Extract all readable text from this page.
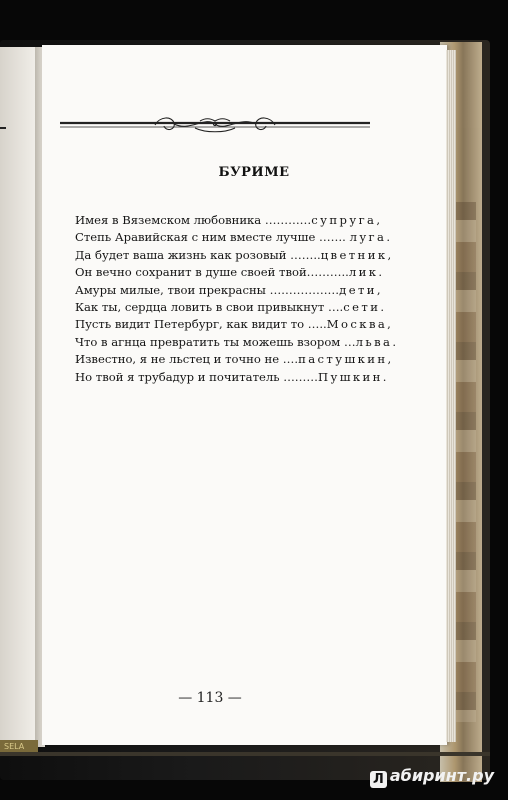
БУРИМЕ
Имея в Вяземском любовника …………супруга,
Степь Аравийская с ним вместе лучше ……. луга.
Да будет ваша жизнь как розовый ……..цветник,
Он вечно сохранит в душе своей твой………..лик.
Амуры милые, твои прекрасны ………………дети,
Как ты, сердца ловить в свои привыкнут ….сети.
Пусть видит Петербург, как видит то …..Москва,
Что в агнца превратить ты можешь взором …льва.
Известно, я не льстец и точно не ….пастушкин,
Но твой я трубадур и почитатель ………Пушкин.
— 113 —
SELA
Л абиринт.ру
